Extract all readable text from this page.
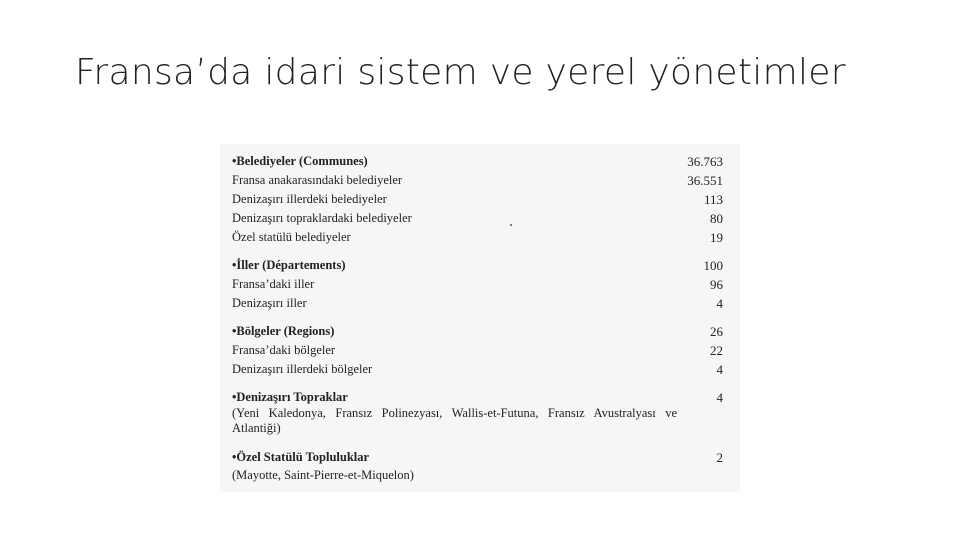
Fransa’da idari sistem ve yerel yönetimler
•Belediyeler (Communes)	36.763
Fransa anakarasındaki belediyeler	36.551
Denizaşırı illerdeki belediyeler	113
Denizaşırı topraklardaki belediyeler	80
Özel statülü belediyeler	19
•İller (Départements)	100
Fransa’daki iller	96
Denizaşırı iller	4
•Bölgeler (Regions)	26
Fransa’daki bölgeler	22
Denizaşırı illerdeki bölgeler	4
•Denizaşırı Topraklar	4
(Yeni Kaledonya, Fransız Polinezyası, Wallis-et-Futuna, Fransız Avustralyası ve Atlantiği)
•Özel Statülü Topluluklar	2
(Mayotte, Saint-Pierre-et-Miquelon)
